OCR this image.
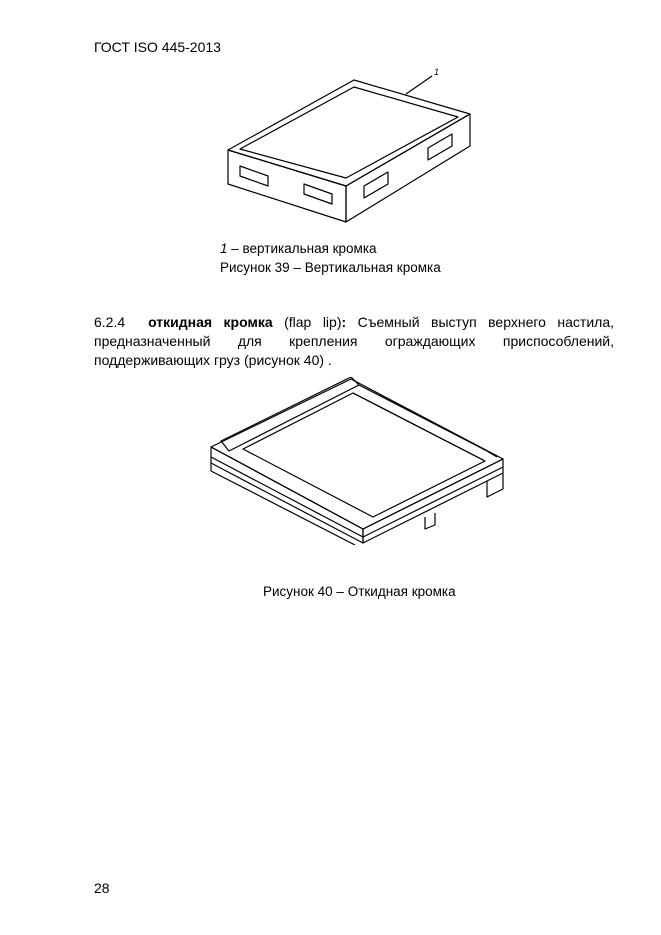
ГОСТ ISO 445-2013
1
1 – вертикальная кромка
Рисунок 39 – Вертикальная кромка
6.2.4 откидная кромка (flap lip): Съемный выступ верхнего настила,
предназначенный для крепления ограждающих приспособлений,
поддерживающих груз (рисунок 40) .
Рисунок 40 – Откидная кромка
28
